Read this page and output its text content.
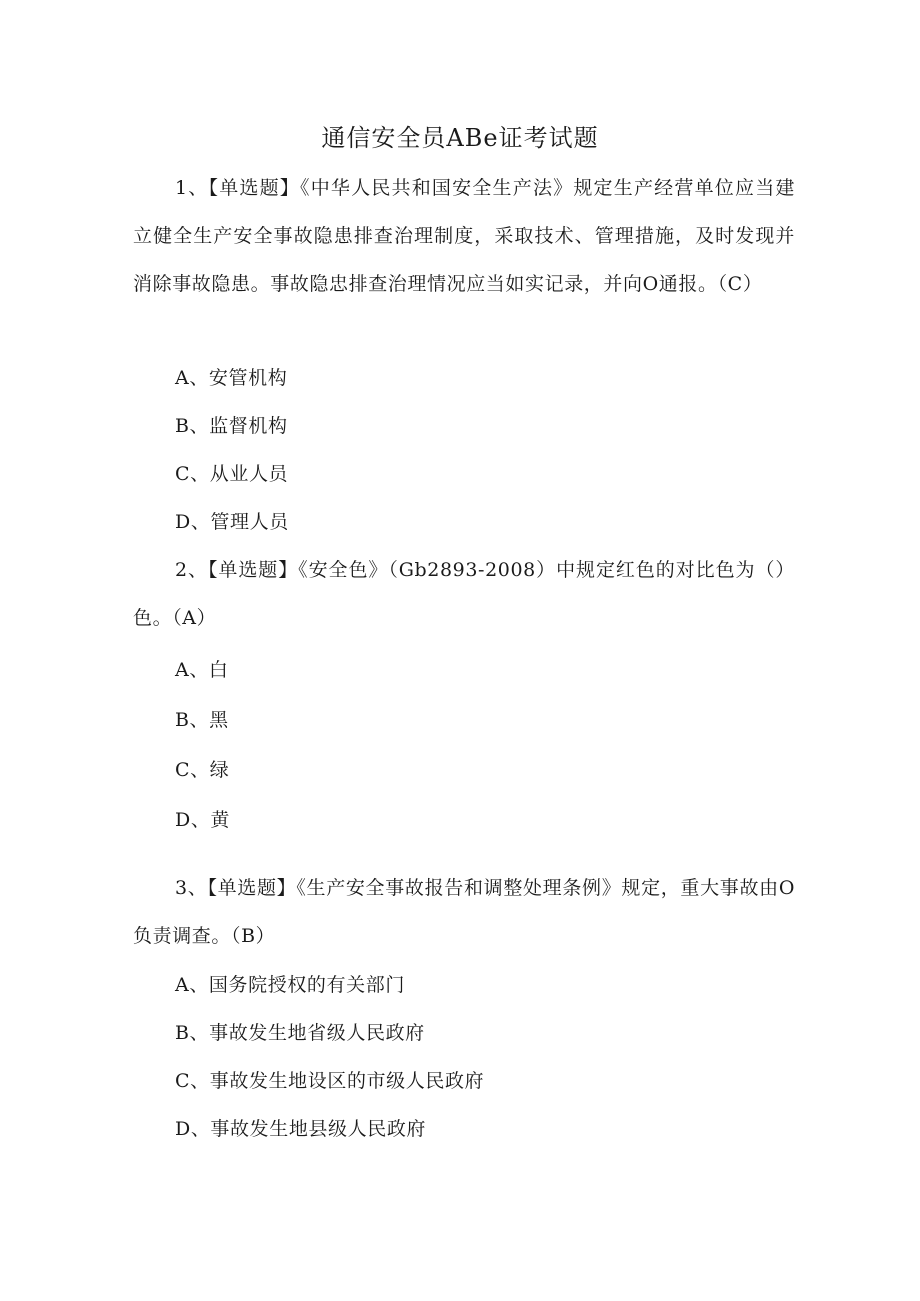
通信安全员ABe证考试题

1、【单选题】《中华人民共和国安全生产法》规定生产经营单位应当建立健全生产安全事故隐患排查治理制度，采取技术、管理措施，及时发现并消除事故隐患。事故隐忠排查治理情况应当如实记录，并向O通报。（C）

A、安管机构

B、监督机构

C、从业人员

D、管理人员

2、【单选题】《安全色》（Gb2893-2008）中规定红色的对比色为（）色。（A）

A、白

B、黑

C、绿

D、黄

3、【单选题】《生产安全事故报告和调整处理条例》规定，重大事故由O负责调查。（B）

A、国务院授权的有关部门

B、事故发生地省级人民政府

C、事故发生地设区的市级人民政府

D、事故发生地县级人民政府
